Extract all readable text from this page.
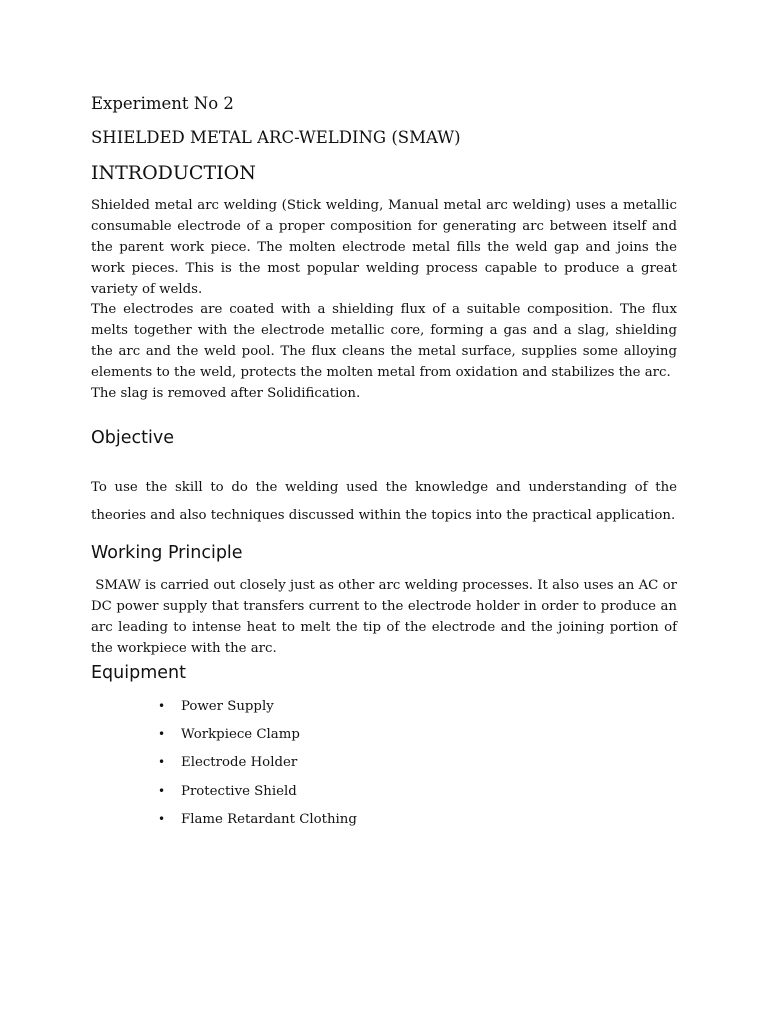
Experiment No 2
SHIELDED METAL ARC-WELDING (SMAW)
INTRODUCTION
Shielded metal arc welding (Stick welding, Manual metal arc welding) uses a metallic consumable electrode of a proper composition for generating arc between itself and the parent work piece. The molten electrode metal fills the weld gap and joins the work pieces. This is the most popular welding process capable to produce a great variety of welds.
The electrodes are coated with a shielding flux of a suitable composition. The flux melts together with the electrode metallic core, forming a gas and a slag, shielding the arc and the weld pool. The flux cleans the metal surface, supplies some alloying elements to the weld, protects the molten metal from oxidation and stabilizes the arc.
The slag is removed after Solidification.
Objective
To use the skill to do the welding used the knowledge and understanding of the theories and also techniques discussed within the topics into the practical application.
Working Principle
SMAW is carried out closely just as other arc welding processes. It also uses an AC or DC power supply that transfers current to the electrode holder in order to produce an arc leading to intense heat to melt the tip of the electrode and the joining portion of the workpiece with the arc.
Equipment
• Power Supply
• Workpiece Clamp
• Electrode Holder
• Protective Shield
• Flame Retardant Clothing
